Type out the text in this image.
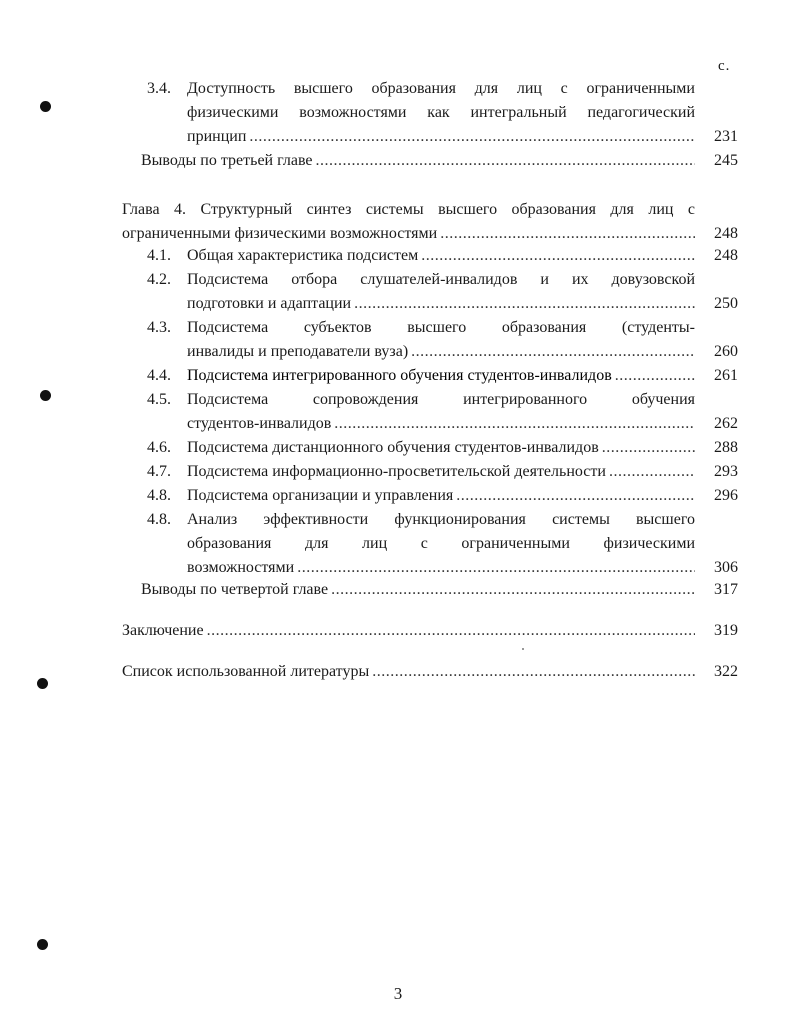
с.
3.4. Доступность высшего образования для лиц с ограниченными
физическими возможностями как интегральный педагогический
принцип .....	231
Выводы по третьей главе .....	245
Глава 4. Структурный синтез системы высшего образования для лиц с
ограниченными физическими возможностями .....	248
4.1. Общая характеристика подсистем .....	248
4.2. Подсистема отбора слушателей-инвалидов и их довузовской
подготовки и адаптации .....	250
4.3. Подсистема субъектов высшего образования (студенты-
инвалиды и преподаватели вуза) .....	260
4.4. Подсистема интегрированного обучения студентов-инвалидов .....	261
4.5. Подсистема сопровождения интегрированного обучения
студентов-инвалидов .....	262
4.6. Подсистема дистанционного обучения студентов-инвалидов .....	288
4.7. Подсистема информационно-просветительской деятельности .....	293
4.8. Подсистема организации и управления .....	296
4.8. Анализ эффективности функционирования системы высшего
образования для лиц с ограниченными физическими
возможностями .....	306
Выводы по четвертой главе .....	317
Заключение .....	319
Список использованной литературы .....	322
3
